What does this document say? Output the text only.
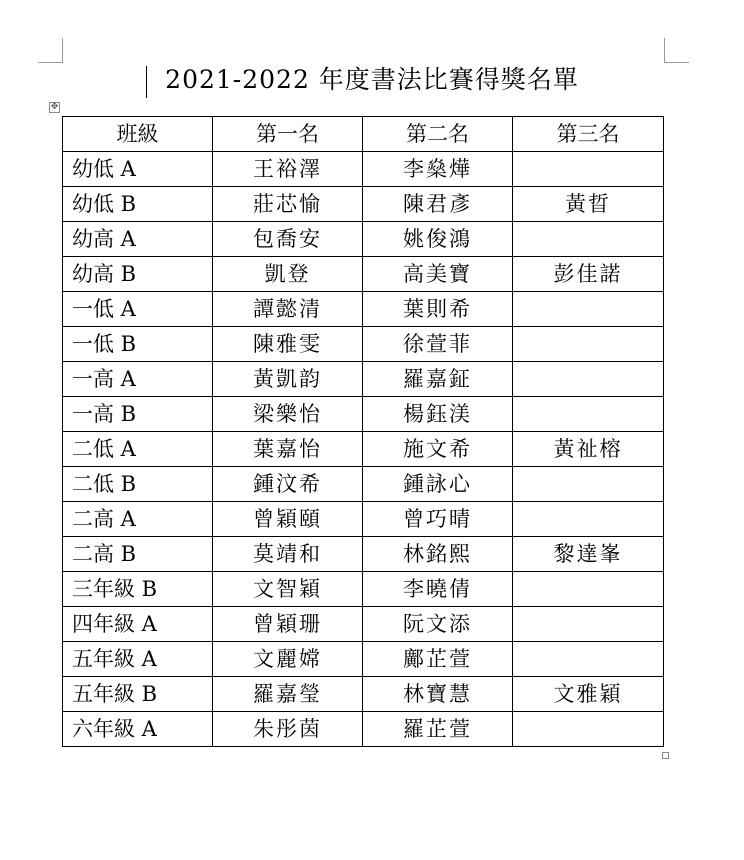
2021-2022 年度書法比賽得獎名單
✥
班級	第一名	第二名	第三名
幼低 A	王裕澤	李燊燁	
幼低 B	莊芯愉	陳君彥	黃晢
幼高 A	包喬安	姚俊鴻	
幼高 B	凱登	高美寶	彭佳諾
一低 A	譚懿清	葉則希	
一低 B	陳雅雯	徐萱菲	
一高 A	黃凱韵	羅嘉鉦	
一高 B	梁樂怡	楊鈺渼	
二低 A	葉嘉怡	施文希	黃祉榕
二低 B	鍾汶希	鍾詠心	
二高 A	曾穎頤	曾巧晴	
二高 B	莫靖和	林銘熙	黎達峯
三年級 B	文智穎	李曉倩	
四年級 A	曾穎珊	阮文添	
五年級 A	文麗嫦	鄺芷萱	
五年級 B	羅嘉瑩	林寶慧	文雅穎
六年級 A	朱彤茵	羅芷萱	
